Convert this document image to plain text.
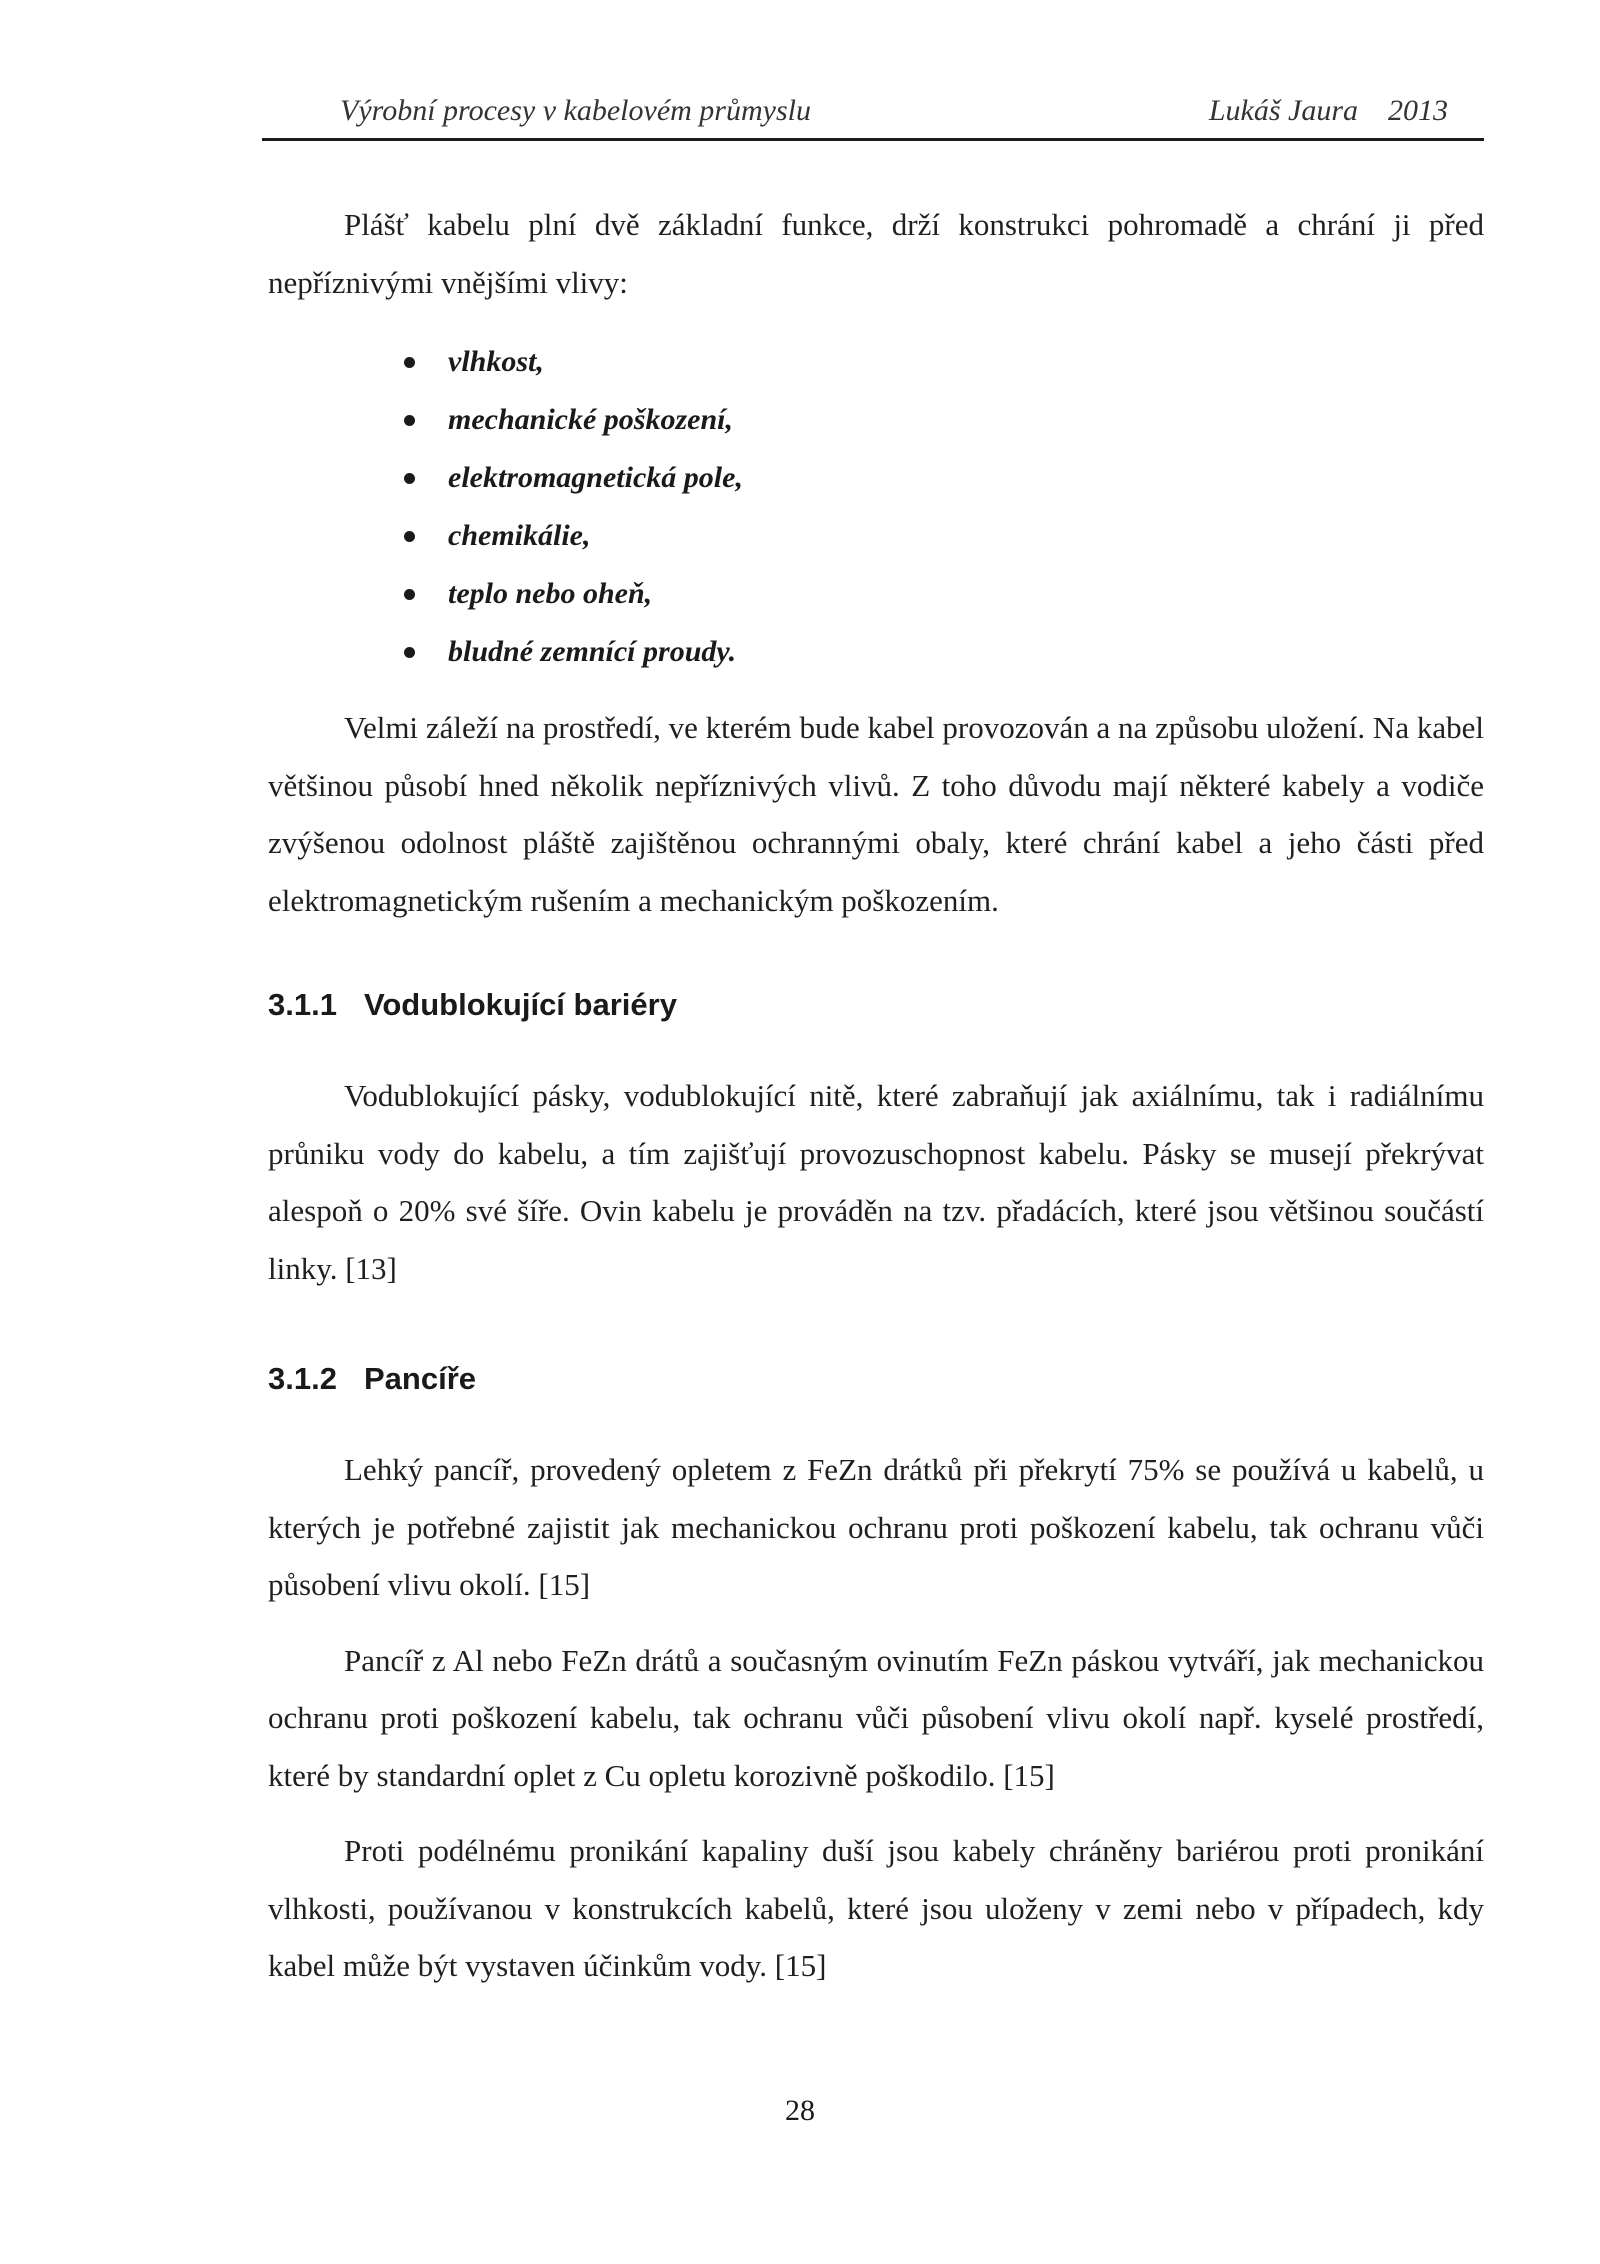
Výrobní procesy v kabelovém průmyslu	Lukáš Jaura 2013

Plášť kabelu plní dvě základní funkce, drží konstrukci pohromadě a chrání ji před nepříznivými vnějšími vlivy:

vlhkost,
mechanické poškození,
elektromagnetická pole,
chemikálie,
teplo nebo oheň,
bludné zemnící proudy.

Velmi záleží na prostředí, ve kterém bude kabel provozován a na způsobu uložení. Na kabel většinou působí hned několik nepříznivých vlivů. Z toho důvodu mají některé kabely a vodiče zvýšenou odolnost pláště zajištěnou ochrannými obaly, které chrání kabel a jeho části před elektromagnetickým rušením a mechanickým poškozením.

3.1.1 Vodublokující bariéry

Vodublokující pásky, vodublokující nitě, které zabraňují jak axiálnímu, tak i radiálnímu průniku vody do kabelu, a tím zajišťují provozuschopnost kabelu. Pásky se musejí překrývat alespoň o 20% své šíře. Ovin kabelu je prováděn na tzv. přadácích, které jsou většinou součástí linky. [13]

3.1.2 Pancíře

Lehký pancíř, provedený opletem z FeZn drátků při překrytí 75% se používá u kabelů, u kterých je potřebné zajistit jak mechanickou ochranu proti poškození kabelu, tak ochranu vůči působení vlivu okolí. [15]

Pancíř z Al nebo FeZn drátů a současným ovinutím FeZn páskou vytváří, jak mechanickou ochranu proti poškození kabelu, tak ochranu vůči působení vlivu okolí např. kyselé prostředí, které by standardní oplet z Cu opletu korozivně poškodilo. [15]

Proti podélnému pronikání kapaliny duší jsou kabely chráněny bariérou proti pronikání vlhkosti, používanou v konstrukcích kabelů, které jsou uloženy v zemi nebo v případech, kdy kabel může být vystaven účinkům vody. [15]

28
